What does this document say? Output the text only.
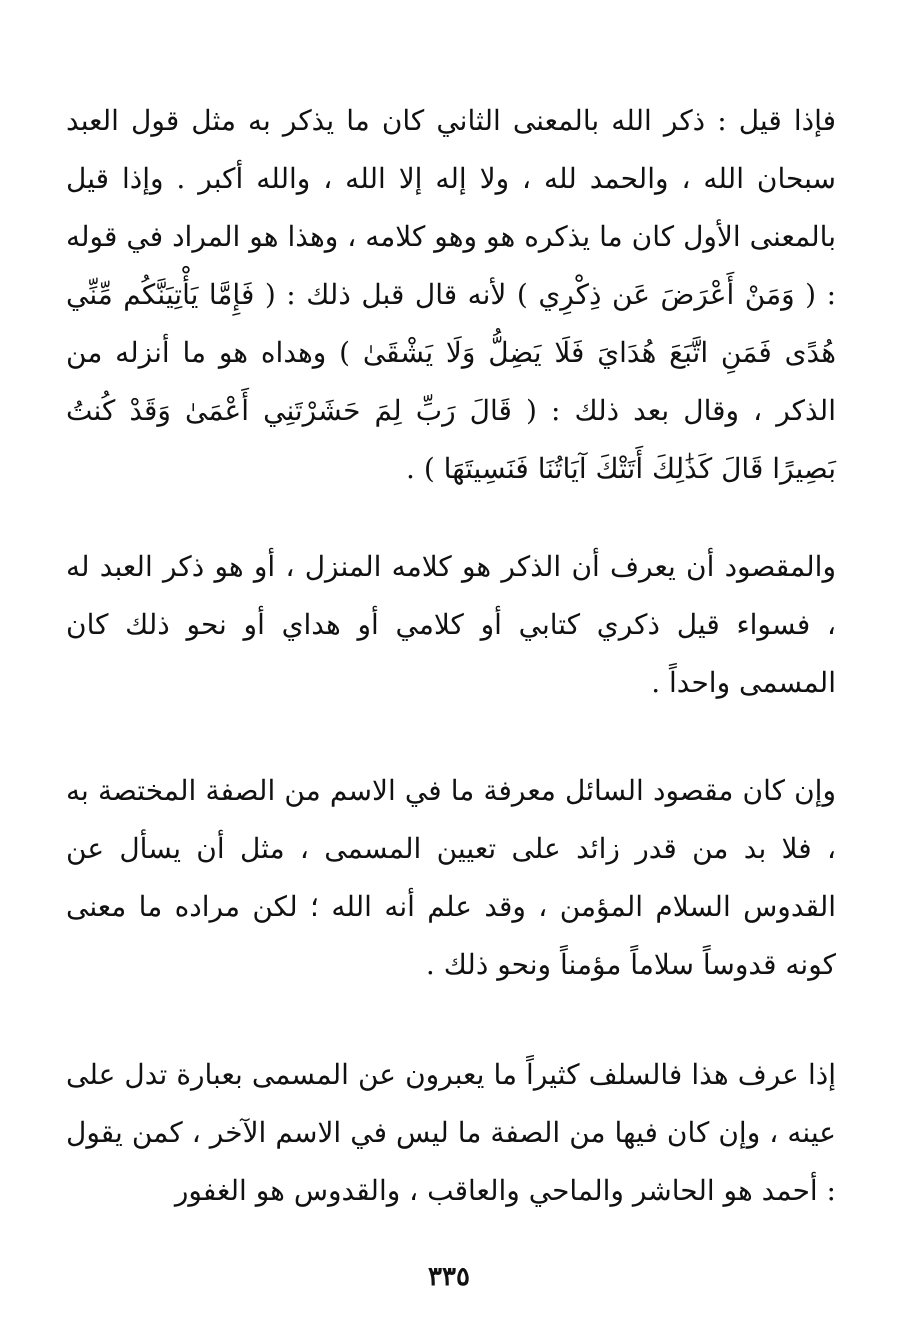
فإذا قيل : ذكر الله بالمعنى الثاني كان ما يذكر به مثل قول العبد سبحان الله ، والحمد لله ، ولا إله إلا الله ، والله أكبر . وإذا قيل بالمعنى الأول كان ما يذكره هو وهو كلامه ، وهذا هو المراد في قوله : ( وَمَنْ أَعْرَضَ عَن ذِكْرِي ) لأنه قال قبل ذلك : ( فَإِمَّا يَأْتِيَنَّكُم مِّنِّي هُدًى فَمَنِ اتَّبَعَ هُدَايَ فَلَا يَضِلُّ وَلَا يَشْقَىٰ ) وهداه هو ما أنزله من الذكر ، وقال بعد ذلك : ( قَالَ رَبِّ لِمَ حَشَرْتَنِي أَعْمَىٰ وَقَدْ كُنتُ بَصِيرًا قَالَ كَذَٰلِكَ أَتَتْكَ آيَاتُنَا فَنَسِيتَهَا ) .

والمقصود أن يعرف أن الذكر هو كلامه المنزل ، أو هو ذكر العبد له ، فسواء قيل ذكري كتابي أو كلامي أو هداي أو نحو ذلك كان المسمى واحداً .

وإن كان مقصود السائل معرفة ما في الاسم من الصفة المختصة به ، فلا بد من قدر زائد على تعيين المسمى ، مثل أن يسأل عن القدوس السلام المؤمن ، وقد علم أنه الله ؛ لكن مراده ما معنى كونه قدوساً سلاماً مؤمناً ونحو ذلك .

إذا عرف هذا فالسلف كثيراً ما يعبرون عن المسمى بعبارة تدل على عينه ، وإن كان فيها من الصفة ما ليس في الاسم الآخر ، كمن يقول : أحمد هو الحاشر والماحي والعاقب ، والقدوس هو الغفور

٣٣٥
